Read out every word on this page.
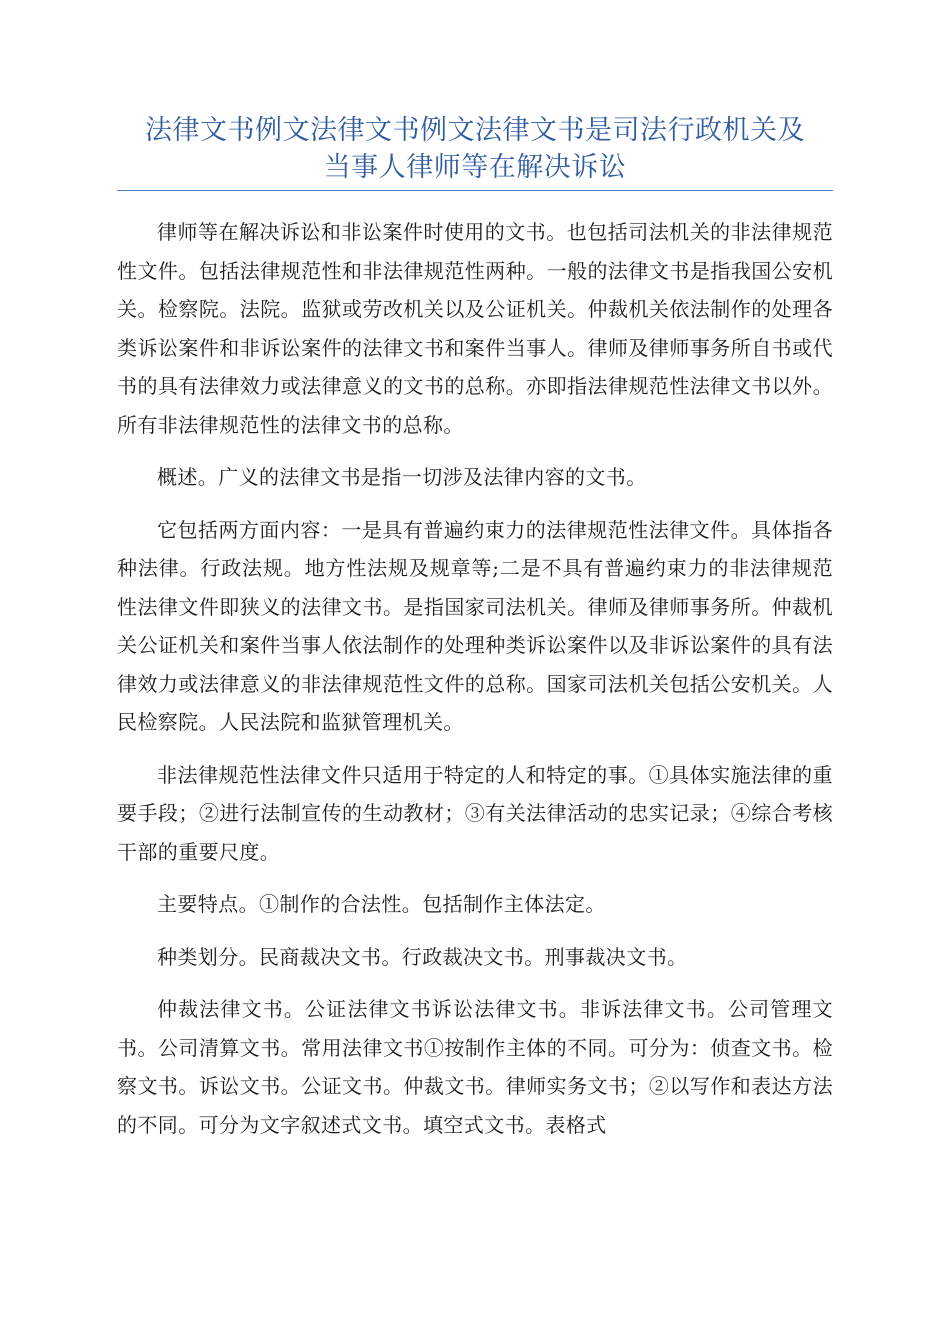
法律文书例文法律文书例文法律文书是司法行政机关及
当事人律师等在解决诉讼

律师等在解决诉讼和非讼案件时使用的文书。也包括司法机关的非法律规范性文件。包括法律规范性和非法律规范性两种。一般的法律文书是指我国公安机关。检察院。法院。监狱或劳改机关以及公证机关。仲裁机关依法制作的处理各类诉讼案件和非诉讼案件的法律文书和案件当事人。律师及律师事务所自书或代书的具有法律效力或法律意义的文书的总称。亦即指法律规范性法律文书以外。所有非法律规范性的法律文书的总称。

概述。广义的法律文书是指一切涉及法律内容的文书。

它包括两方面内容：一是具有普遍约束力的法律规范性法律文件。具体指各种法律。行政法规。地方性法规及规章等;二是不具有普遍约束力的非法律规范性法律文件即狭义的法律文书。是指国家司法机关。律师及律师事务所。仲裁机关公证机关和案件当事人依法制作的处理种类诉讼案件以及非诉讼案件的具有法律效力或法律意义的非法律规范性文件的总称。国家司法机关包括公安机关。人民检察院。人民法院和监狱管理机关。

非法律规范性法律文件只适用于特定的人和特定的事。①具体实施法律的重要手段；②进行法制宣传的生动教材；③有关法律活动的忠实记录；④综合考核干部的重要尺度。

主要特点。①制作的合法性。包括制作主体法定。

种类划分。民商裁决文书。行政裁决文书。刑事裁决文书。

仲裁法律文书。公证法律文书诉讼法律文书。非诉法律文书。公司管理文书。公司清算文书。常用法律文书①按制作主体的不同。可分为：侦查文书。检察文书。诉讼文书。公证文书。仲裁文书。律师实务文书；②以写作和表达方法的不同。可分为文字叙述式文书。填空式文书。表格式
